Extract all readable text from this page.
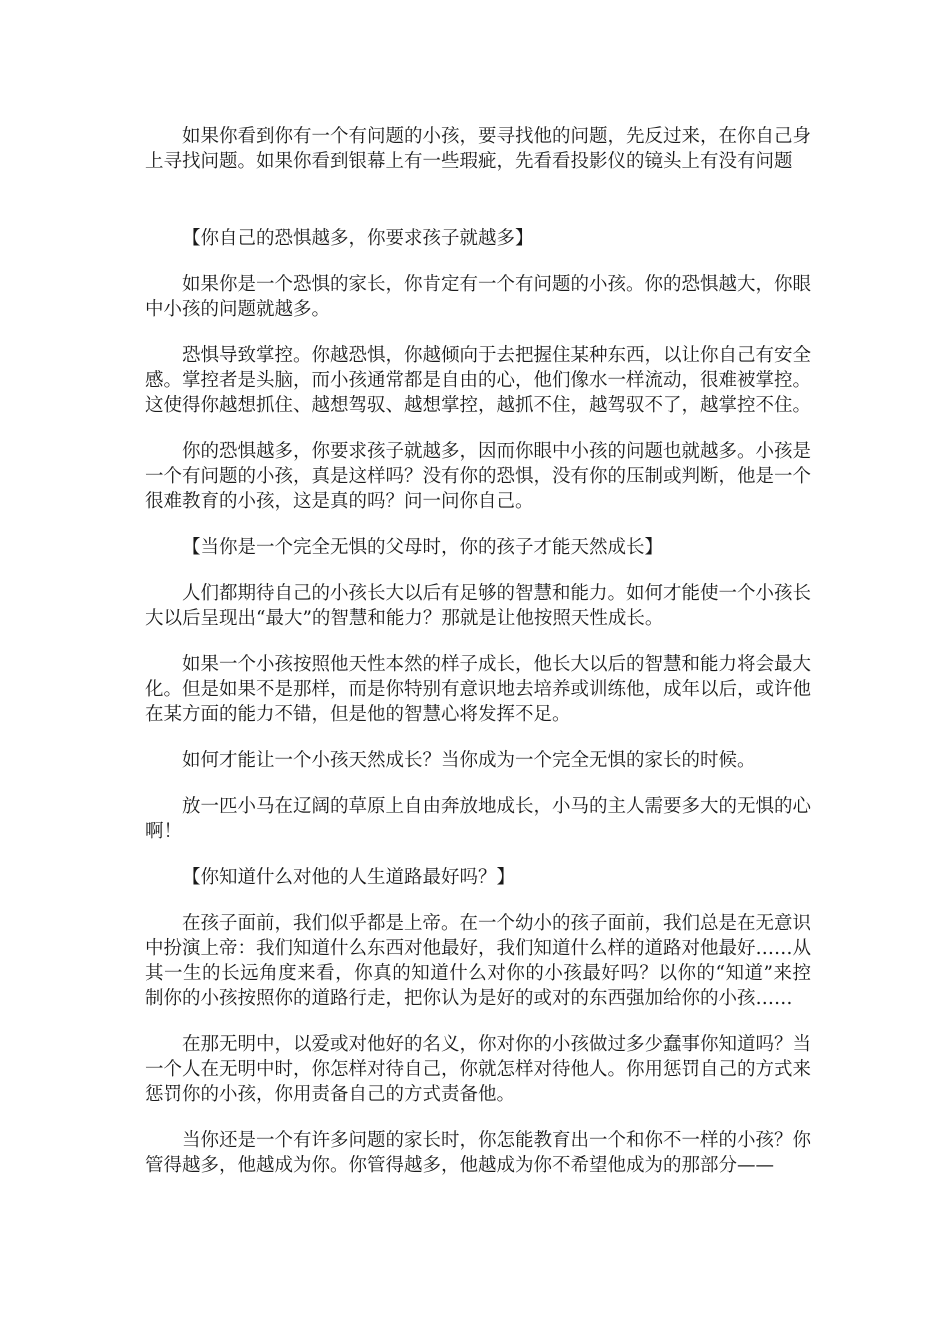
如果你看到你有一个有问题的小孩，要寻找他的问题，先反过来，在你自己身上寻找问题。如果你看到银幕上有一些瑕疵，先看看投影仪的镜头上有没有问题

【你自己的恐惧越多，你要求孩子就越多】

如果你是一个恐惧的家长，你肯定有一个有问题的小孩。你的恐惧越大，你眼中小孩的问题就越多。

恐惧导致掌控。你越恐惧，你越倾向于去把握住某种东西，以让你自己有安全感。掌控者是头脑，而小孩通常都是自由的心，他们像水一样流动，很难被掌控。这使得你越想抓住、越想驾驭、越想掌控，越抓不住，越驾驭不了，越掌控不住。

你的恐惧越多，你要求孩子就越多，因而你眼中小孩的问题也就越多。小孩是一个有问题的小孩，真是这样吗？没有你的恐惧，没有你的压制或判断，他是一个很难教育的小孩，这是真的吗？问一问你自己。

【当你是一个完全无惧的父母时，你的孩子才能天然成长】

人们都期待自己的小孩长大以后有足够的智慧和能力。如何才能使一个小孩长大以后呈现出“最大”的智慧和能力？那就是让他按照天性成长。

如果一个小孩按照他天性本然的样子成长，他长大以后的智慧和能力将会最大化。但是如果不是那样，而是你特别有意识地去培养或训练他，成年以后，或许他在某方面的能力不错，但是他的智慧心将发挥不足。

如何才能让一个小孩天然成长？当你成为一个完全无惧的家长的时候。

放一匹小马在辽阔的草原上自由奔放地成长，小马的主人需要多大的无惧的心啊！

【你知道什么对他的人生道路最好吗？】

在孩子面前，我们似乎都是上帝。在一个幼小的孩子面前，我们总是在无意识中扮演上帝：我们知道什么东西对他最好，我们知道什么样的道路对他最好……从其一生的长远角度来看，你真的知道什么对你的小孩最好吗？以你的“知道”来控制你的小孩按照你的道路行走，把你认为是好的或对的东西强加给你的小孩……

在那无明中，以爱或对他好的名义，你对你的小孩做过多少蠢事你知道吗？当一个人在无明中时，你怎样对待自己，你就怎样对待他人。你用惩罚自己的方式来惩罚你的小孩，你用责备自己的方式责备他。

当你还是一个有许多问题的家长时，你怎能教育出一个和你不一样的小孩？你管得越多，他越成为你。你管得越多，他越成为你不希望他成为的那部分——
